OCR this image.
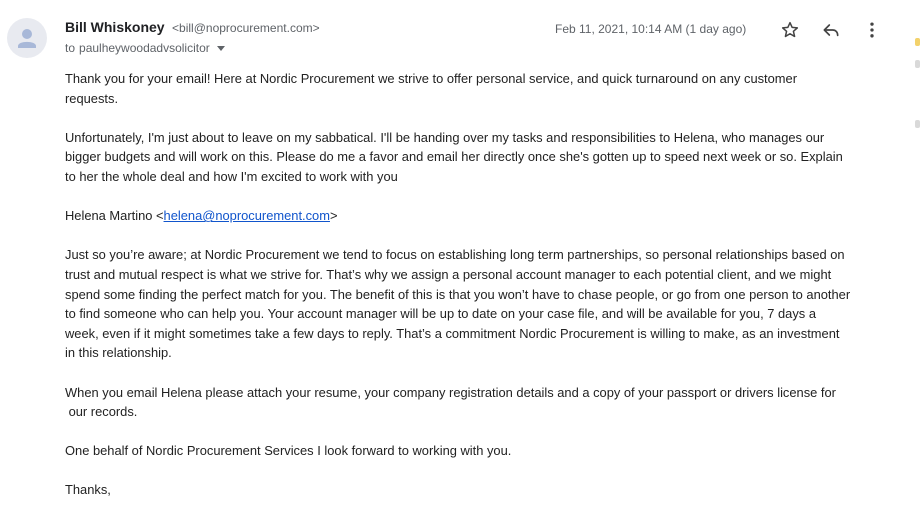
Bill Whiskoney <bill@noprocurement.com>
to paulheywoodadvsolicitor
Feb 11, 2021, 10:14 AM (1 day ago)

Thank you for your email! Here at Nordic Procurement we strive to offer personal service, and quick turnaround on any customer
requests.

Unfortunately, I'm just about to leave on my sabbatical. I'll be handing over my tasks and responsibilities to Helena, who manages our
bigger budgets and will work on this. Please do me a favor and email her directly once she's gotten up to speed next week or so. Explain
to her the whole deal and how I'm excited to work with you

Helena Martino <helena@noprocurement.com>

Just so you’re aware; at Nordic Procurement we tend to focus on establishing long term partnerships, so personal relationships based on
trust and mutual respect is what we strive for. That’s why we assign a personal account manager to each potential client, and we might
spend some finding the perfect match for you. The benefit of this is that you won’t have to chase people, or go from one person to another
to find someone who can help you. Your account manager will be up to date on your case file, and will be available for you, 7 days a
week, even if it might sometimes take a few days to reply. That’s a commitment Nordic Procurement is willing to make, as an investment
in this relationship.

When you email Helena please attach your resume, your company registration details and a copy of your passport or drivers license for
our records.

One behalf of Nordic Procurement Services I look forward to working with you.

Thanks,
